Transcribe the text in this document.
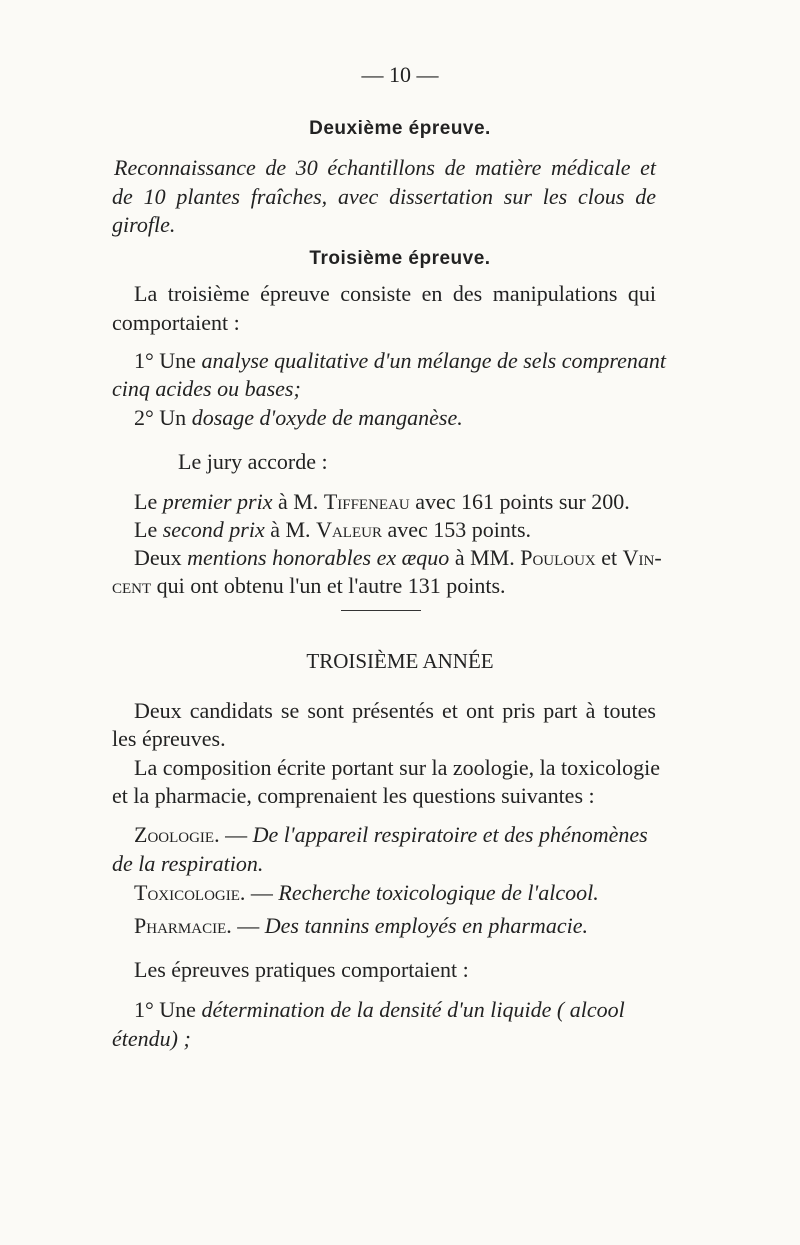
— 10 —
Deuxième épreuve.
Reconnaissance de 30 échantillons de matière médicale et
de 10 plantes fraîches, avec dissertation sur les clous de
girofle.
Troisième épreuve.
La troisième épreuve consiste en des manipulations qui
comportaient :
1° Une analyse qualitative d'un mélange de sels comprenant
cinq acides ou bases;
2° Un dosage d'oxyde de manganèse.
Le jury accorde :
Le premier prix à M. Tiffeneau avec 161 points sur 200.
Le second prix à M. Valeur avec 153 points.
Deux mentions honorables ex æquo à MM. Pouloux et Vin-
cent qui ont obtenu l'un et l'autre 131 points.
TROISIÈME ANNÉE
Deux candidats se sont présentés et ont pris part à toutes
les épreuves.
La composition écrite portant sur la zoologie, la toxicologie
et la pharmacie, comprenaient les questions suivantes :
Zoologie. — De l'appareil respiratoire et des phénomènes
de la respiration.
Toxicologie. — Recherche toxicologique de l'alcool.
Pharmacie. — Des tannins employés en pharmacie.
Les épreuves pratiques comportaient :
1° Une détermination de la densité d'un liquide ( alcool
étendu) ;
